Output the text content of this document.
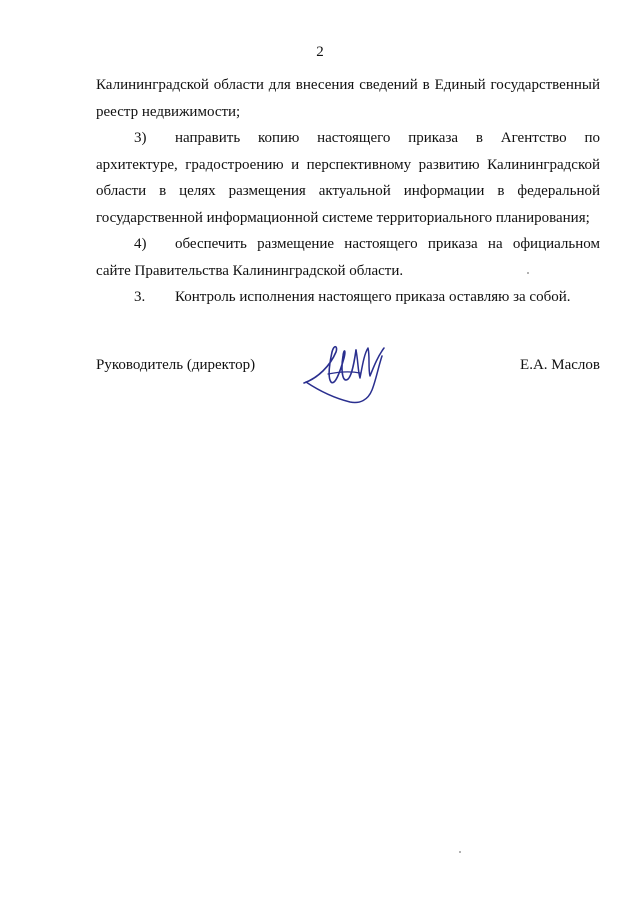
2

Калининградской области для внесения сведений в Единый государственный реестр недвижимости;

3) направить копию настоящего приказа в Агентство по архитектуре, градостроению и перспективному развитию Калининградской области в целях размещения актуальной информации в федеральной государственной информационной системе территориального планирования;

4) обеспечить размещение настоящего приказа на официальном сайте Правительства Калининградской области.

3. Контроль исполнения настоящего приказа оставляю за собой.

Руководитель (директор)	Е.А. Маслов
